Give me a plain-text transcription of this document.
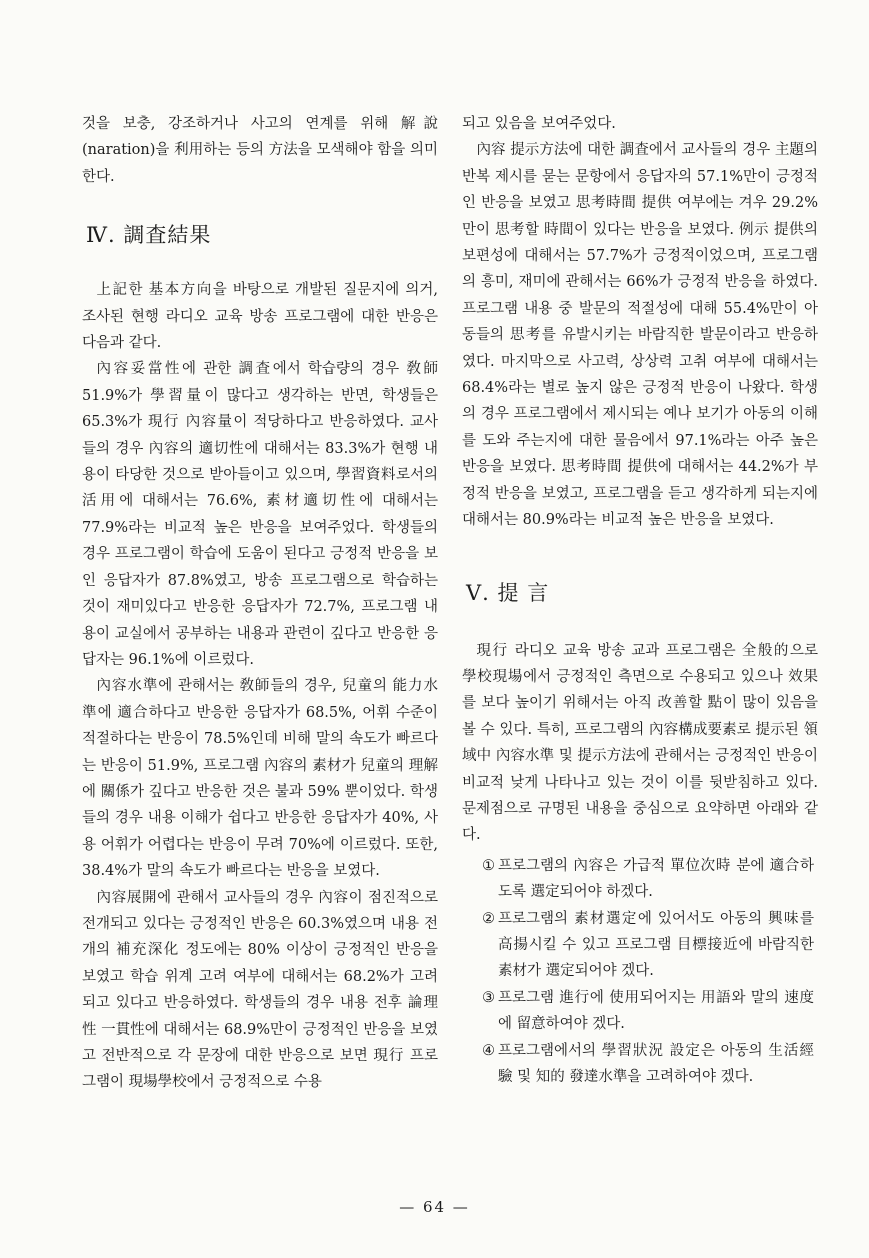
것을 보충, 강조하거나 사고의 연계를 위해 解說(naration)을 利用하는 등의 方法을 모색해야 함을 의미한다.

Ⅳ. 調査結果

上記한 基本方向을 바탕으로 개발된 질문지에 의거, 조사된 현행 라디오 교육 방송 프로그램에 대한 반응은 다음과 같다.

內容妥當性에 관한 調査에서 학습량의 경우 敎師 51.9%가 學習量이 많다고 생각하는 반면, 학생들은 65.3%가 現行 內容量이 적당하다고 반응하였다. 교사들의 경우 內容의 適切性에 대해서는 83.3%가 현행 내용이 타당한 것으로 받아들이고 있으며, 學習資料로서의 活用에 대해서는 76.6%, 素材適切性에 대해서는 77.9%라는 비교적 높은 반응을 보여주었다. 학생들의 경우 프로그램이 학습에 도움이 된다고 긍정적 반응을 보인 응답자가 87.8%였고, 방송 프로그램으로 학습하는 것이 재미있다고 반응한 응답자가 72.7%, 프로그램 내용이 교실에서 공부하는 내용과 관련이 깊다고 반응한 응답자는 96.1%에 이르렀다.

內容水準에 관해서는 敎師들의 경우, 兒童의 能力水準에 適合하다고 반응한 응답자가 68.5%, 어휘 수준이 적절하다는 반응이 78.5%인데 비해 말의 속도가 빠르다는 반응이 51.9%, 프로그램 內容의 素材가 兒童의 理解에 關係가 깊다고 반응한 것은 불과 59% 뿐이었다. 학생들의 경우 내용 이해가 쉽다고 반응한 응답자가 40%, 사용 어휘가 어렵다는 반응이 무려 70%에 이르렀다. 또한, 38.4%가 말의 속도가 빠르다는 반응을 보였다.

內容展開에 관해서 교사들의 경우 內容이 점진적으로 전개되고 있다는 긍정적인 반응은 60.3%였으며 내용 전개의 補充深化 정도에는 80% 이상이 긍정적인 반응을 보였고 학습 위계 고려 여부에 대해서는 68.2%가 고려되고 있다고 반응하였다. 학생들의 경우 내용 전후 論理性 一貫性에 대해서는 68.9%만이 긍정적인 반응을 보였고 전반적으로 각 문장에 대한 반응으로 보면 現行 프로그램이 現場學校에서 긍정적으로 수용

되고 있음을 보여주었다.

內容 提示方法에 대한 調査에서 교사들의 경우 主題의 반복 제시를 묻는 문항에서 응답자의 57.1%만이 긍정적인 반응을 보였고 思考時間 提供 여부에는 겨우 29.2%만이 思考할 時間이 있다는 반응을 보였다. 例示 提供의 보편성에 대해서는 57.7%가 긍정적이었으며, 프로그램의 흥미, 재미에 관해서는 66%가 긍정적 반응을 하였다. 프로그램 내용 중 발문의 적절성에 대해 55.4%만이 아동들의 思考를 유발시키는 바람직한 발문이라고 반응하였다. 마지막으로 사고력, 상상력 고취 여부에 대해서는 68.4%라는 별로 높지 않은 긍정적 반응이 나왔다. 학생의 경우 프로그램에서 제시되는 예나 보기가 아동의 이해를 도와 주는지에 대한 물음에서 97.1%라는 아주 높은 반응을 보였다. 思考時間 提供에 대해서는 44.2%가 부정적 반응을 보였고, 프로그램을 듣고 생각하게 되는지에 대해서는 80.9%라는 비교적 높은 반응을 보였다.

Ⅴ. 提 言

現行 라디오 교육 방송 교과 프로그램은 全般的으로 學校現場에서 긍정적인 측면으로 수용되고 있으나 效果를 보다 높이기 위해서는 아직 改善할 點이 많이 있음을 볼 수 있다. 특히, 프로그램의 內容構成要素로 提示된 領域中 內容水準 및 提示方法에 관해서는 긍정적인 반응이 비교적 낮게 나타나고 있는 것이 이를 뒷받침하고 있다. 문제점으로 규명된 내용을 중심으로 요약하면 아래와 같다.

① 프로그램의 內容은 가급적 單位次時 분에 適合하도록 選定되어야 하겠다.
② 프로그램의 素材選定에 있어서도 아동의 興味를 高揚시킬 수 있고 프로그램 目標接近에 바람직한 素材가 選定되어야 겠다.
③ 프로그램 進行에 使用되어지는 用語와 말의 速度에 留意하여야 겠다.
④ 프로그램에서의 學習狀況 設定은 아동의 生活經驗 및 知的 發達水準을 고려하여야 겠다.
— 64 —
